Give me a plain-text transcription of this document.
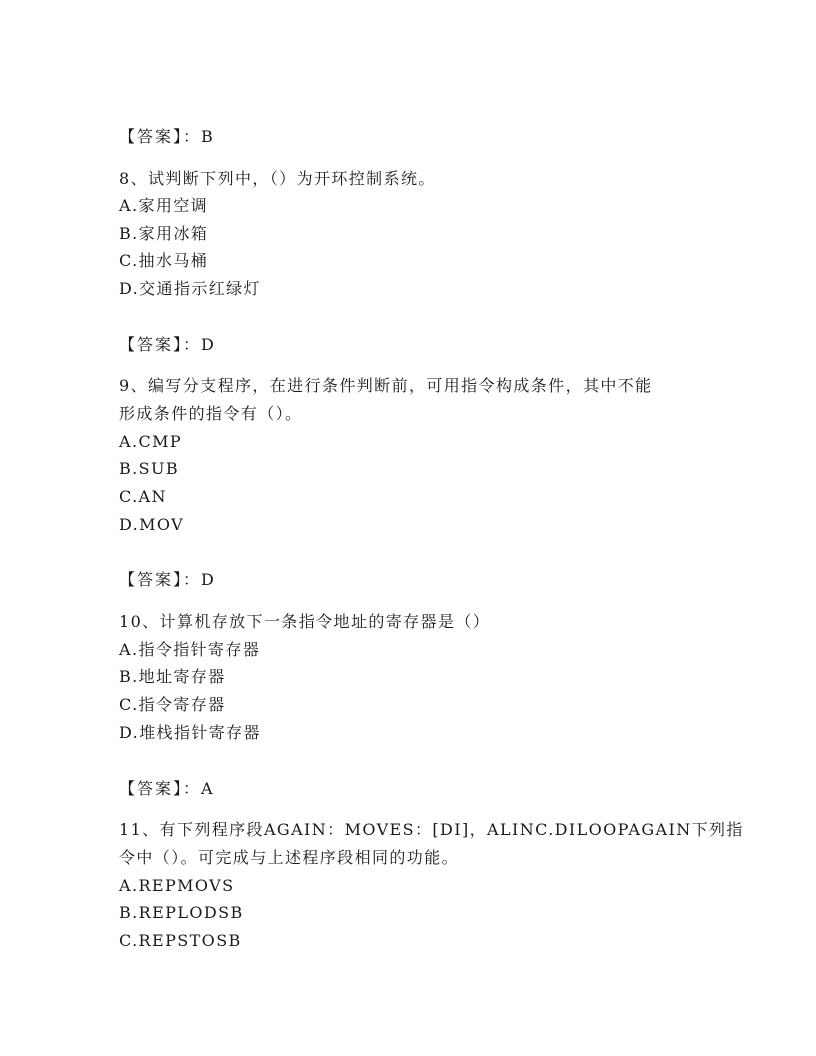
【答案】：B
8、试判断下列中，（）为开环控制系统。
A.家用空调
B.家用冰箱
C.抽水马桶
D.交通指示红绿灯
【答案】：D
9、编写分支程序，在进行条件判断前，可用指令构成条件，其中不能
形成条件的指令有（）。
A.CMP
B.SUB
C.AN
D.MOV
【答案】：D
10、计算机存放下一条指令地址的寄存器是（）
A.指令指针寄存器
B.地址寄存器
C.指令寄存器
D.堆栈指针寄存器
【答案】：A
11、有下列程序段AGAIN：MOVES：[DI]，ALINC.DILOOPAGAIN下列指
令中（）。可完成与上述程序段相同的功能。
A.REPMOVS
B.REPLODSB
C.REPSTOSB
